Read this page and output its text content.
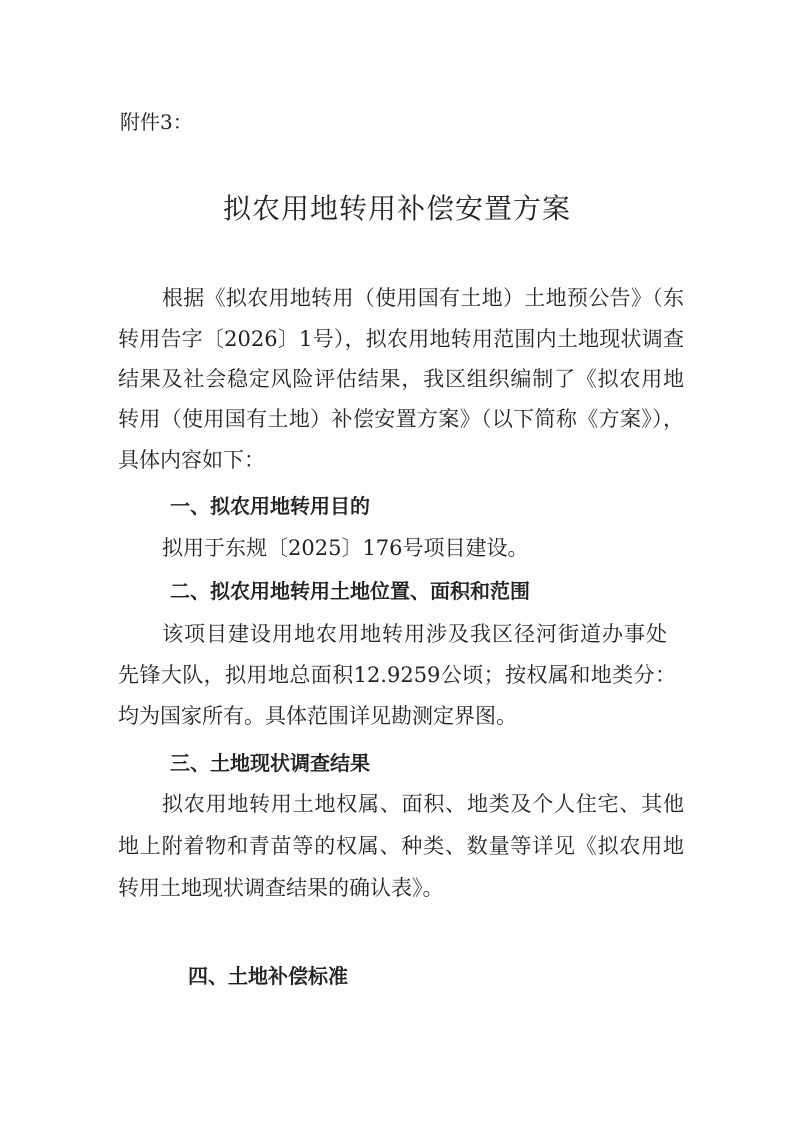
附件3：
拟农用地转用补偿安置方案
根据《拟农用地转用（使用国有土地）土地预公告》（东
转用告字〔2026〕1号），拟农用地转用范围内土地现状调查
结果及社会稳定风险评估结果，我区组织编制了《拟农用地
转用（使用国有土地）补偿安置方案》（以下简称《方案》），
具体内容如下：
一、拟农用地转用目的
拟用于东规〔2025〕176号项目建设。
二、拟农用地转用土地位置、面积和范围
该项目建设用地农用地转用涉及我区径河街道办事处
先锋大队，拟用地总面积12.9259公顷；按权属和地类分：
均为国家所有。具体范围详见勘测定界图。
三、土地现状调查结果
拟农用地转用土地权属、面积、地类及个人住宅、其他
地上附着物和青苗等的权属、种类、数量等详见《拟农用地
转用土地现状调查结果的确认表》。
四、土地补偿标准
